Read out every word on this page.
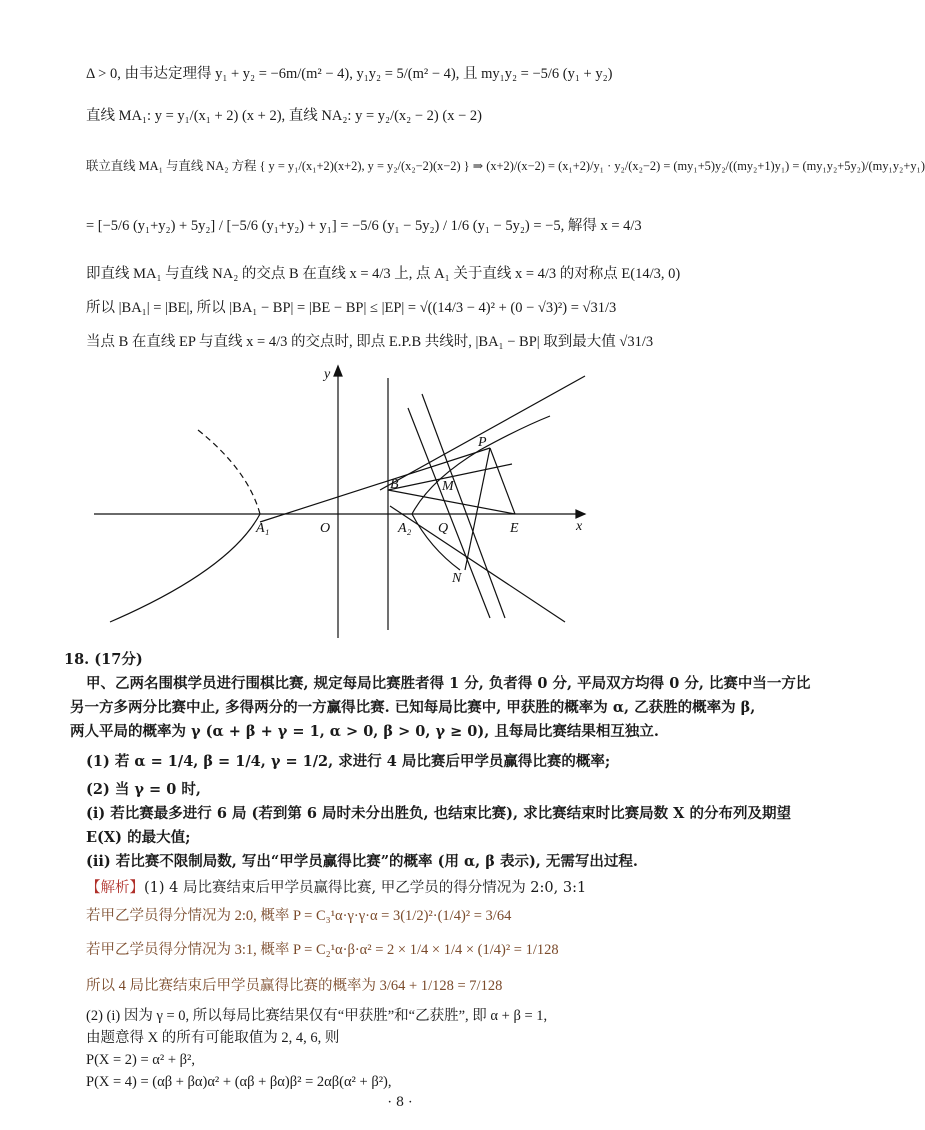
Δ > 0, 由韦达定理得 y₁ + y₂ = −6m/(m² − 4), y₁y₂ = 5/(m² − 4), 且 my₁y₂ = −5/6 (y₁ + y₂)
直线 MA₁: y = y₁/(x₁ + 2) (x + 2), 直线 NA₂: y = y₂/(x₂ − 2) (x − 2)
联立直线 MA₁ 与直线 NA₂ 方程 { y = y₁/(x₁+2)(x+2), y = y₂/(x₂−2)(x−2) } ⇒ (x+2)/(x−2) = (x₁+2)/y₁ · y₂/(x₂−2) = (my₁+5)y₂/((my₂+1)y₁) = (my₁y₂+5y₂)/(my₁y₂+y₁)
= [−5/6 (y₁+y₂) + 5y₂] / [−5/6 (y₁+y₂) + y₁] = −5/6 (y₁ − 5y₂) / 1/6 (y₁ − 5y₂) = −5, 解得 x = 4/3
即直线 MA₁ 与直线 NA₂ 的交点 B 在直线 x = 4/3 上, 点 A₁ 关于直线 x = 4/3 的对称点 E(14/3, 0)
所以 |BA₁| = |BE|, 所以 |BA₁ − BP| = |BE − BP| ≤ |EP| = √((14/3 − 4)² + (0 − √3)²) = √31/3
当点 B 在直线 EP 与直线 x = 4/3 的交点时, 即点 E.P.B 共线时, |BA₁ − BP| 取到最大值 √31/3
x
y
O
A₁	A₂
B
P
M
Q	E
N
18. (17分)
甲、乙两名围棋学员进行围棋比赛, 规定每局比赛胜者得 1 分, 负者得 0 分, 平局双方均得 0 分, 比赛中当一方比
另一方多两分比赛中止, 多得两分的一方赢得比赛. 已知每局比赛中, 甲获胜的概率为 α, 乙获胜的概率为 β,
两人平局的概率为 γ (α + β + γ = 1, α > 0, β > 0, γ ≥ 0), 且每局比赛结果相互独立.
(1) 若 α = 1/4, β = 1/4, γ = 1/2, 求进行 4 局比赛后甲学员赢得比赛的概率;
(2) 当 γ = 0 时,
(i) 若比赛最多进行 6 局 (若到第 6 局时未分出胜负, 也结束比赛), 求比赛结束时比赛局数 X 的分布列及期望
E(X) 的最大值;
(ii) 若比赛不限制局数, 写出“甲学员赢得比赛”的概率 (用 α, β 表示), 无需写出过程.
【解析】(1) 4 局比赛结束后甲学员赢得比赛, 甲乙学员的得分情况为 2:0, 3:1
若甲乙学员得分情况为 2:0, 概率 P = C₃¹α·γ·γ·α = 3(1/2)²·(1/4)² = 3/64
若甲乙学员得分情况为 3:1, 概率 P = C₂¹α·β·α² = 2 × 1/4 × 1/4 × (1/4)² = 1/128
所以 4 局比赛结束后甲学员赢得比赛的概率为 3/64 + 1/128 = 7/128
(2) (i) 因为 γ = 0, 所以每局比赛结果仅有“甲获胜”和“乙获胜”, 即 α + β = 1,
由题意得 X 的所有可能取值为 2, 4, 6, 则
P(X = 2) = α² + β²,
P(X = 4) = (αβ + βα)α² + (αβ + βα)β² = 2αβ(α² + β²),
· 8 ·
